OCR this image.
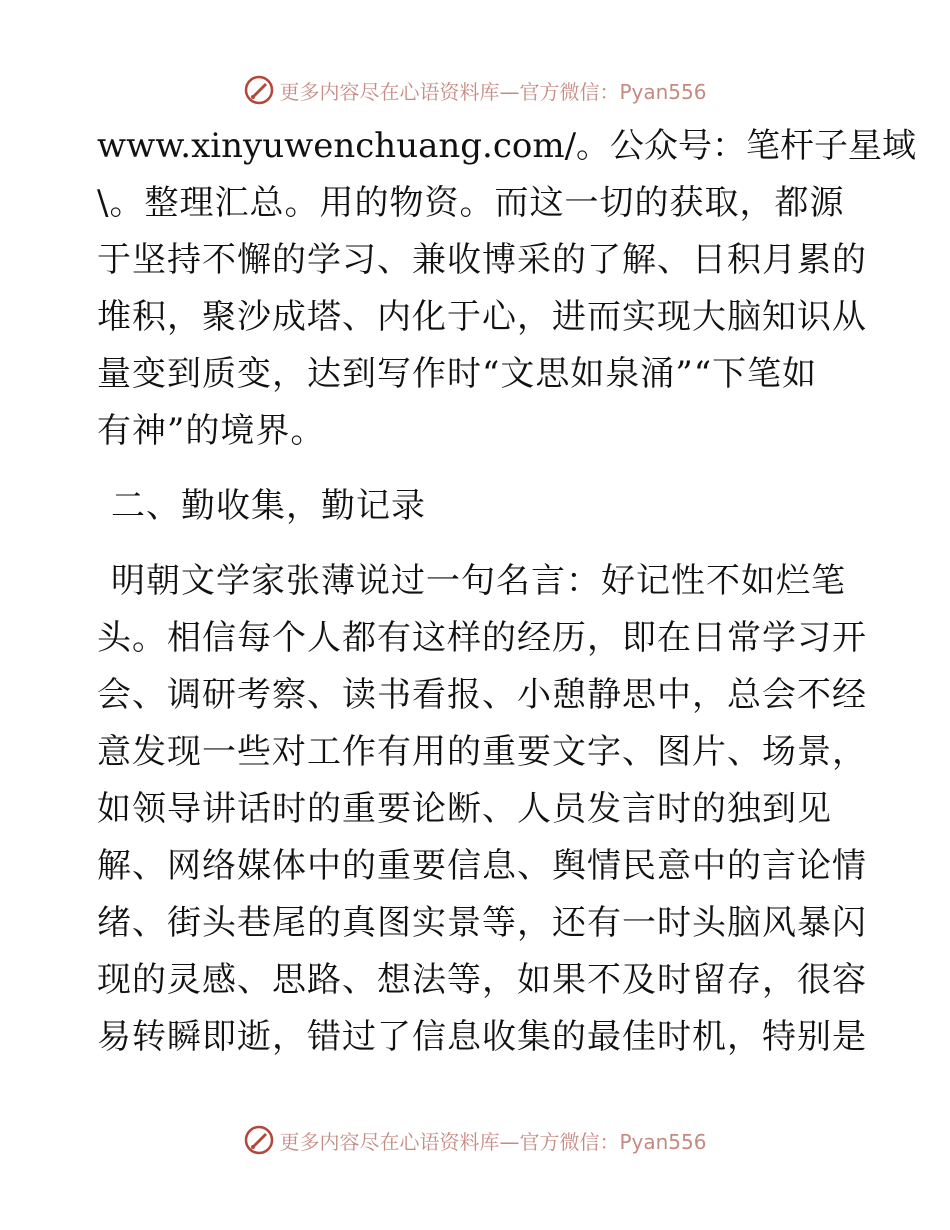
更多内容尽在心语资料库—官方微信：Pyan556
www.xinyuwenchuang.com/。公众号：笔杆子星域
\。整理汇总。用的物资。而这一切的获取，都源
于坚持不懈的学习、兼收博采的了解、日积月累的
堆积，聚沙成塔、内化于心，进而实现大脑知识从
量变到质变，达到写作时“文思如泉涌”“下笔如
有神”的境界。
二、勤收集，勤记录
明朝文学家张薄说过一句名言：好记性不如烂笔
头。相信每个人都有这样的经历，即在日常学习开
会、调研考察、读书看报、小憩静思中，总会不经
意发现一些对工作有用的重要文字、图片、场景，
如领导讲话时的重要论断、人员发言时的独到见
解、网络媒体中的重要信息、舆情民意中的言论情
绪、街头巷尾的真图实景等，还有一时头脑风暴闪
现的灵感、思路、想法等，如果不及时留存，很容
易转瞬即逝，错过了信息收集的最佳时机，特别是
更多内容尽在心语资料库—官方微信：Pyan556
